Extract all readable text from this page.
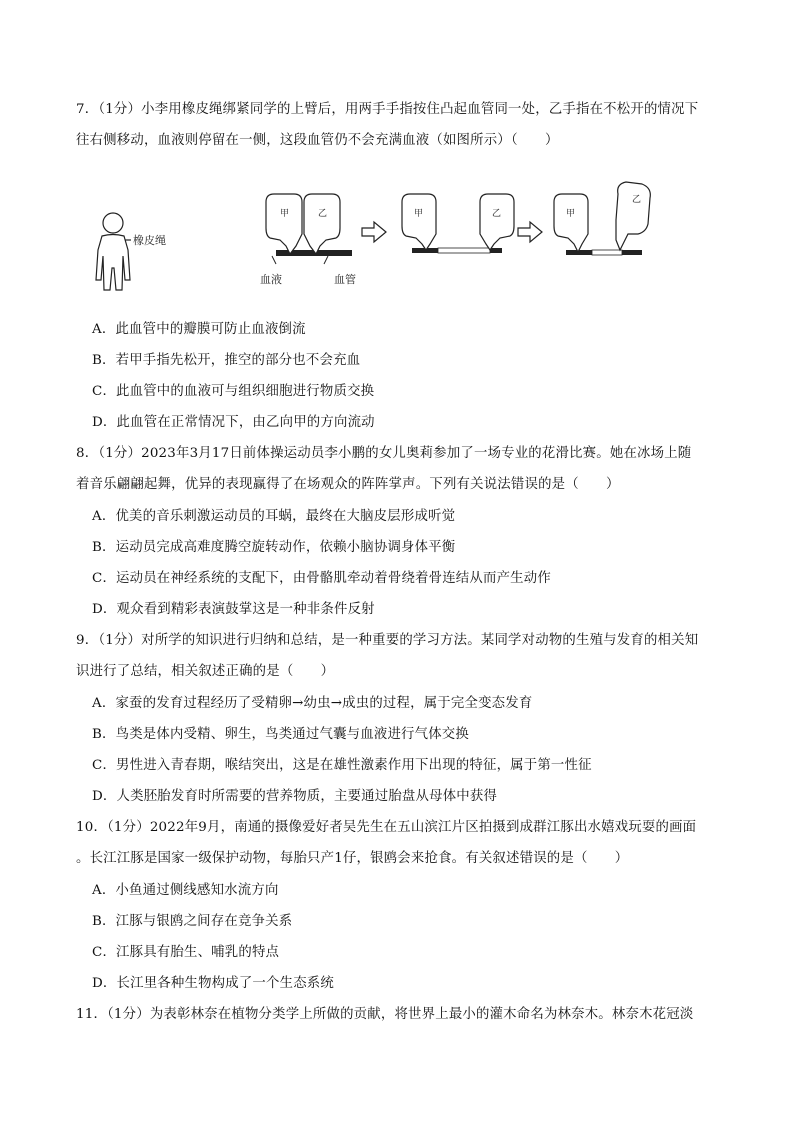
7．（1分）小李用橡皮绳绑紧同学的上臂后，用两手手指按住凸起血管同一处，乙手指在不松开的情况下
往右侧移动，血液则停留在一侧，这段血管仍不会充满血液（如图所示）（　　）
橡皮绳
甲	乙
血液	血管
甲	乙	甲
乙
A．此血管中的瓣膜可防止血液倒流
B．若甲手指先松开，推空的部分也不会充血
C．此血管中的血液可与组织细胞进行物质交换
D．此血管在正常情况下，由乙向甲的方向流动
8．（1分）2023年3月17日前体操运动员李小鹏的女儿奥莉参加了一场专业的花滑比赛。她在冰场上随
着音乐翩翩起舞，优异的表现赢得了在场观众的阵阵掌声。下列有关说法错误的是（　　）
A．优美的音乐刺激运动员的耳蜗，最终在大脑皮层形成听觉
B．运动员完成高难度腾空旋转动作，依赖小脑协调身体平衡
C．运动员在神经系统的支配下，由骨骼肌牵动着骨绕着骨连结从而产生动作
D．观众看到精彩表演鼓掌这是一种非条件反射
9．（1分）对所学的知识进行归纳和总结，是一种重要的学习方法。某同学对动物的生殖与发育的相关知
识进行了总结，相关叙述正确的是（　　）
A．家蚕的发育过程经历了受精卵→幼虫→成虫的过程，属于完全变态发育
B．鸟类是体内受精、卵生，鸟类通过气囊与血液进行气体交换
C．男性进入青春期，喉结突出，这是在雄性激素作用下出现的特征，属于第一性征
D．人类胚胎发育时所需要的营养物质，主要通过胎盘从母体中获得
10．（1分）2022年9月，南通的摄像爱好者吴先生在五山滨江片区拍摄到成群江豚出水嬉戏玩耍的画面
。长江江豚是国家一级保护动物，每胎只产1仔，银鸥会来抢食。有关叙述错误的是（　　）
A．小鱼通过侧线感知水流方向
B．江豚与银鸥之间存在竞争关系
C．江豚具有胎生、哺乳的特点
D．长江里各种生物构成了一个生态系统
11．（1分）为表彰林奈在植物分类学上所做的贡献，将世界上最小的灌木命名为林奈木。林奈木花冠淡
